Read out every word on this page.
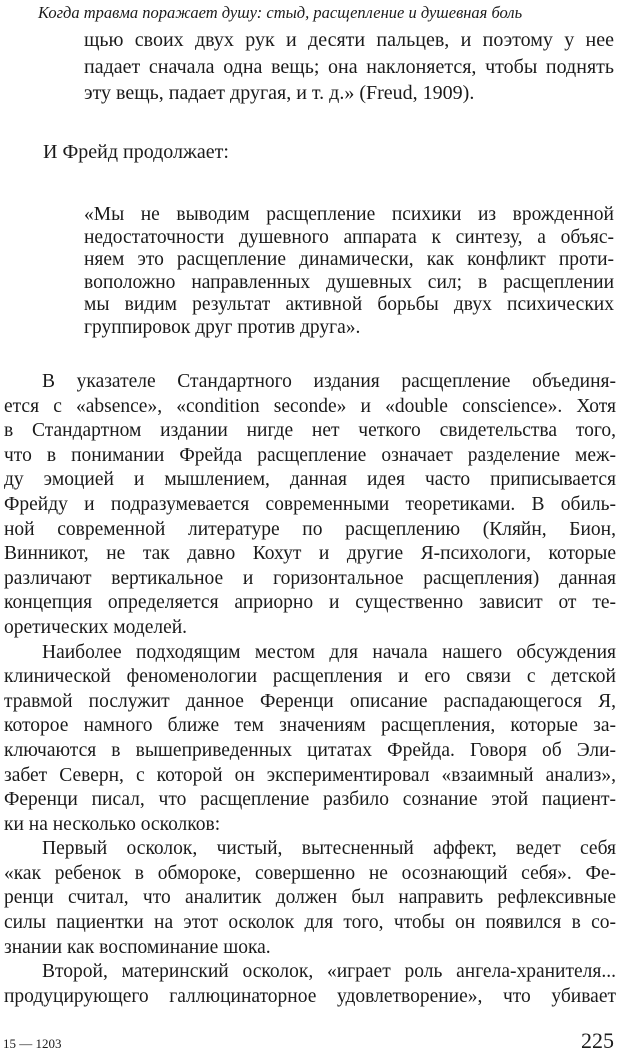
Когда травма поражает душу: стыд, расщепление и душевная боль
щью своих двух рук и десяти пальцев, и поэтому у нее
падает сначала одна вещь; она наклоняется, чтобы поднять
эту вещь, падает другая, и т. д.» (Freud, 1909).
И Фрейд продолжает:
«Мы не выводим расщепление психики из врожденной
недостаточности душевного аппарата к синтезу, а объяс-
няем это расщепление динамически, как конфликт проти-
воположно направленных душевных сил; в расщеплении
мы видим результат активной борьбы двух психических
группировок друг против друга».
В указателе Стандартного издания расщепление объединя-
ется с «absence», «condition seconde» и «double conscience». Хотя
в Стандартном издании нигде нет четкого свидетельства того,
что в понимании Фрейда расщепление означает разделение меж-
ду эмоцией и мышлением, данная идея часто приписывается
Фрейду и подразумевается современными теоретиками. В обиль-
ной современной литературе по расщеплению (Кляйн, Бион,
Винникот, не так давно Кохут и другие Я-психологи, которые
различают вертикальное и горизонтальное расщепления) данная
концепция определяется априорно и существенно зависит от те-
оретических моделей.
Наиболее подходящим местом для начала нашего обсуждения
клинической феноменологии расщепления и его связи с детской
травмой послужит данное Ференци описание распадающегося Я,
которое намного ближе тем значениям расщепления, которые за-
ключаются в вышеприведенных цитатах Фрейда. Говоря об Эли-
забет Северн, с которой он экспериментировал «взаимный анализ»,
Ференци писал, что расщепление разбило сознание этой пациент-
ки на несколько осколков:
Первый осколок, чистый, вытесненный аффект, ведет себя
«как ребенок в обмороке, совершенно не осознающий себя». Фе-
ренци считал, что аналитик должен был направить рефлексивные
силы пациентки на этот осколок для того, чтобы он появился в со-
знании как воспоминание шока.
Второй, материнский осколок, «играет роль ангела-хранителя...
продуцирующего галлюцинаторное удовлетворение», что убивает
15 — 1203	225
